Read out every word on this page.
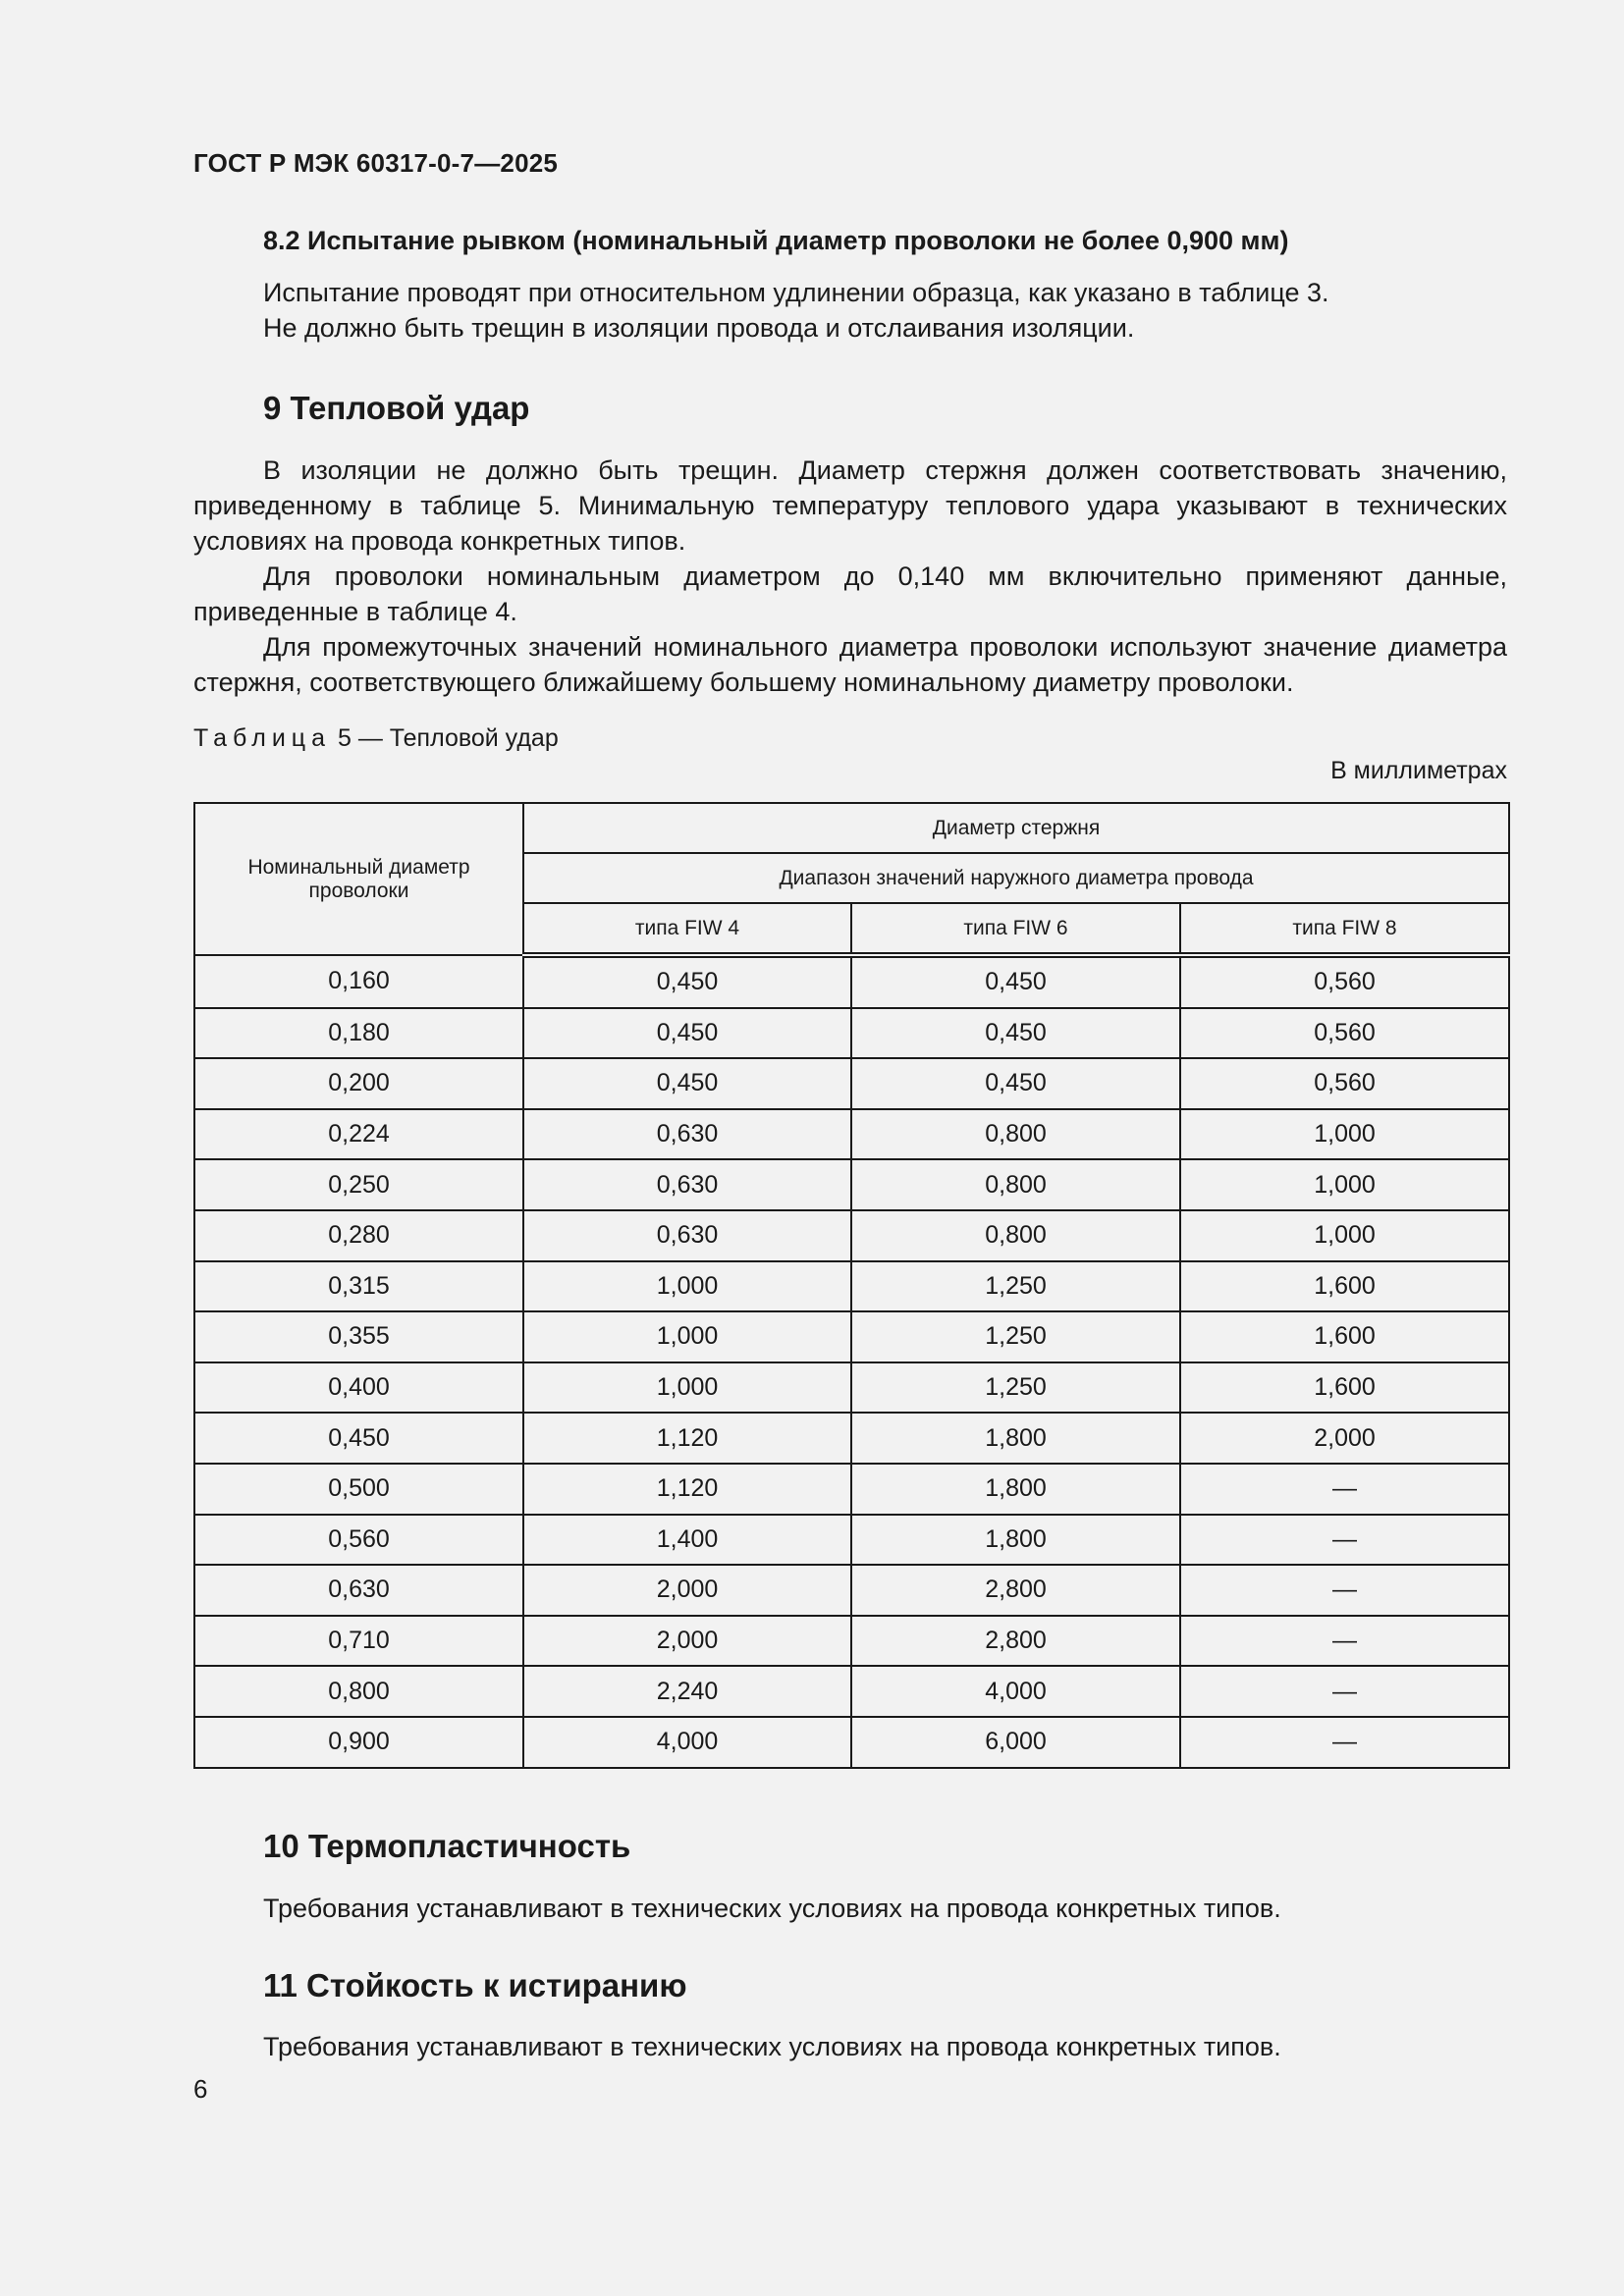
ГОСТ Р МЭК 60317-0-7—2025
8.2 Испытание рывком (номинальный диаметр проволоки не более 0,900 мм)
Испытание проводят при относительном удлинении образца, как указано в таблице 3.
Не должно быть трещин в изоляции провода и отслаивания изоляции.
9 Тепловой удар
В изоляции не должно быть трещин. Диаметр стержня должен соответствовать значению, приведенному в таблице 5. Минимальную температуру теплового удара указывают в технических условиях на провода конкретных типов.
Для проволоки номинальным диаметром до 0,140 мм включительно применяют данные, приведенные в таблице 4.
Для промежуточных значений номинального диаметра проволоки используют значение диаметра стержня, соответствующего ближайшему большему номинальному диаметру проволоки.
Таблица 5 — Тепловой удар
В миллиметрах
Номинальный диаметр проволоки	Диаметр стержня		
	Диапазон значений наружного диаметра провода		
	типа FIW 4	типа FIW 6	типа FIW 8
0,160	0,450	0,450	0,560
0,180	0,450	0,450	0,560
0,200	0,450	0,450	0,560
0,224	0,630	0,800	1,000
0,250	0,630	0,800	1,000
0,280	0,630	0,800	1,000
0,315	1,000	1,250	1,600
0,355	1,000	1,250	1,600
0,400	1,000	1,250	1,600
0,450	1,120	1,800	2,000
0,500	1,120	1,800	—
0,560	1,400	1,800	—
0,630	2,000	2,800	—
0,710	2,000	2,800	—
0,800	2,240	4,000	—
0,900	4,000	6,000	—
10 Термопластичность
Требования устанавливают в технических условиях на провода конкретных типов.
11 Стойкость к истиранию
Требования устанавливают в технических условиях на провода конкретных типов.
6
